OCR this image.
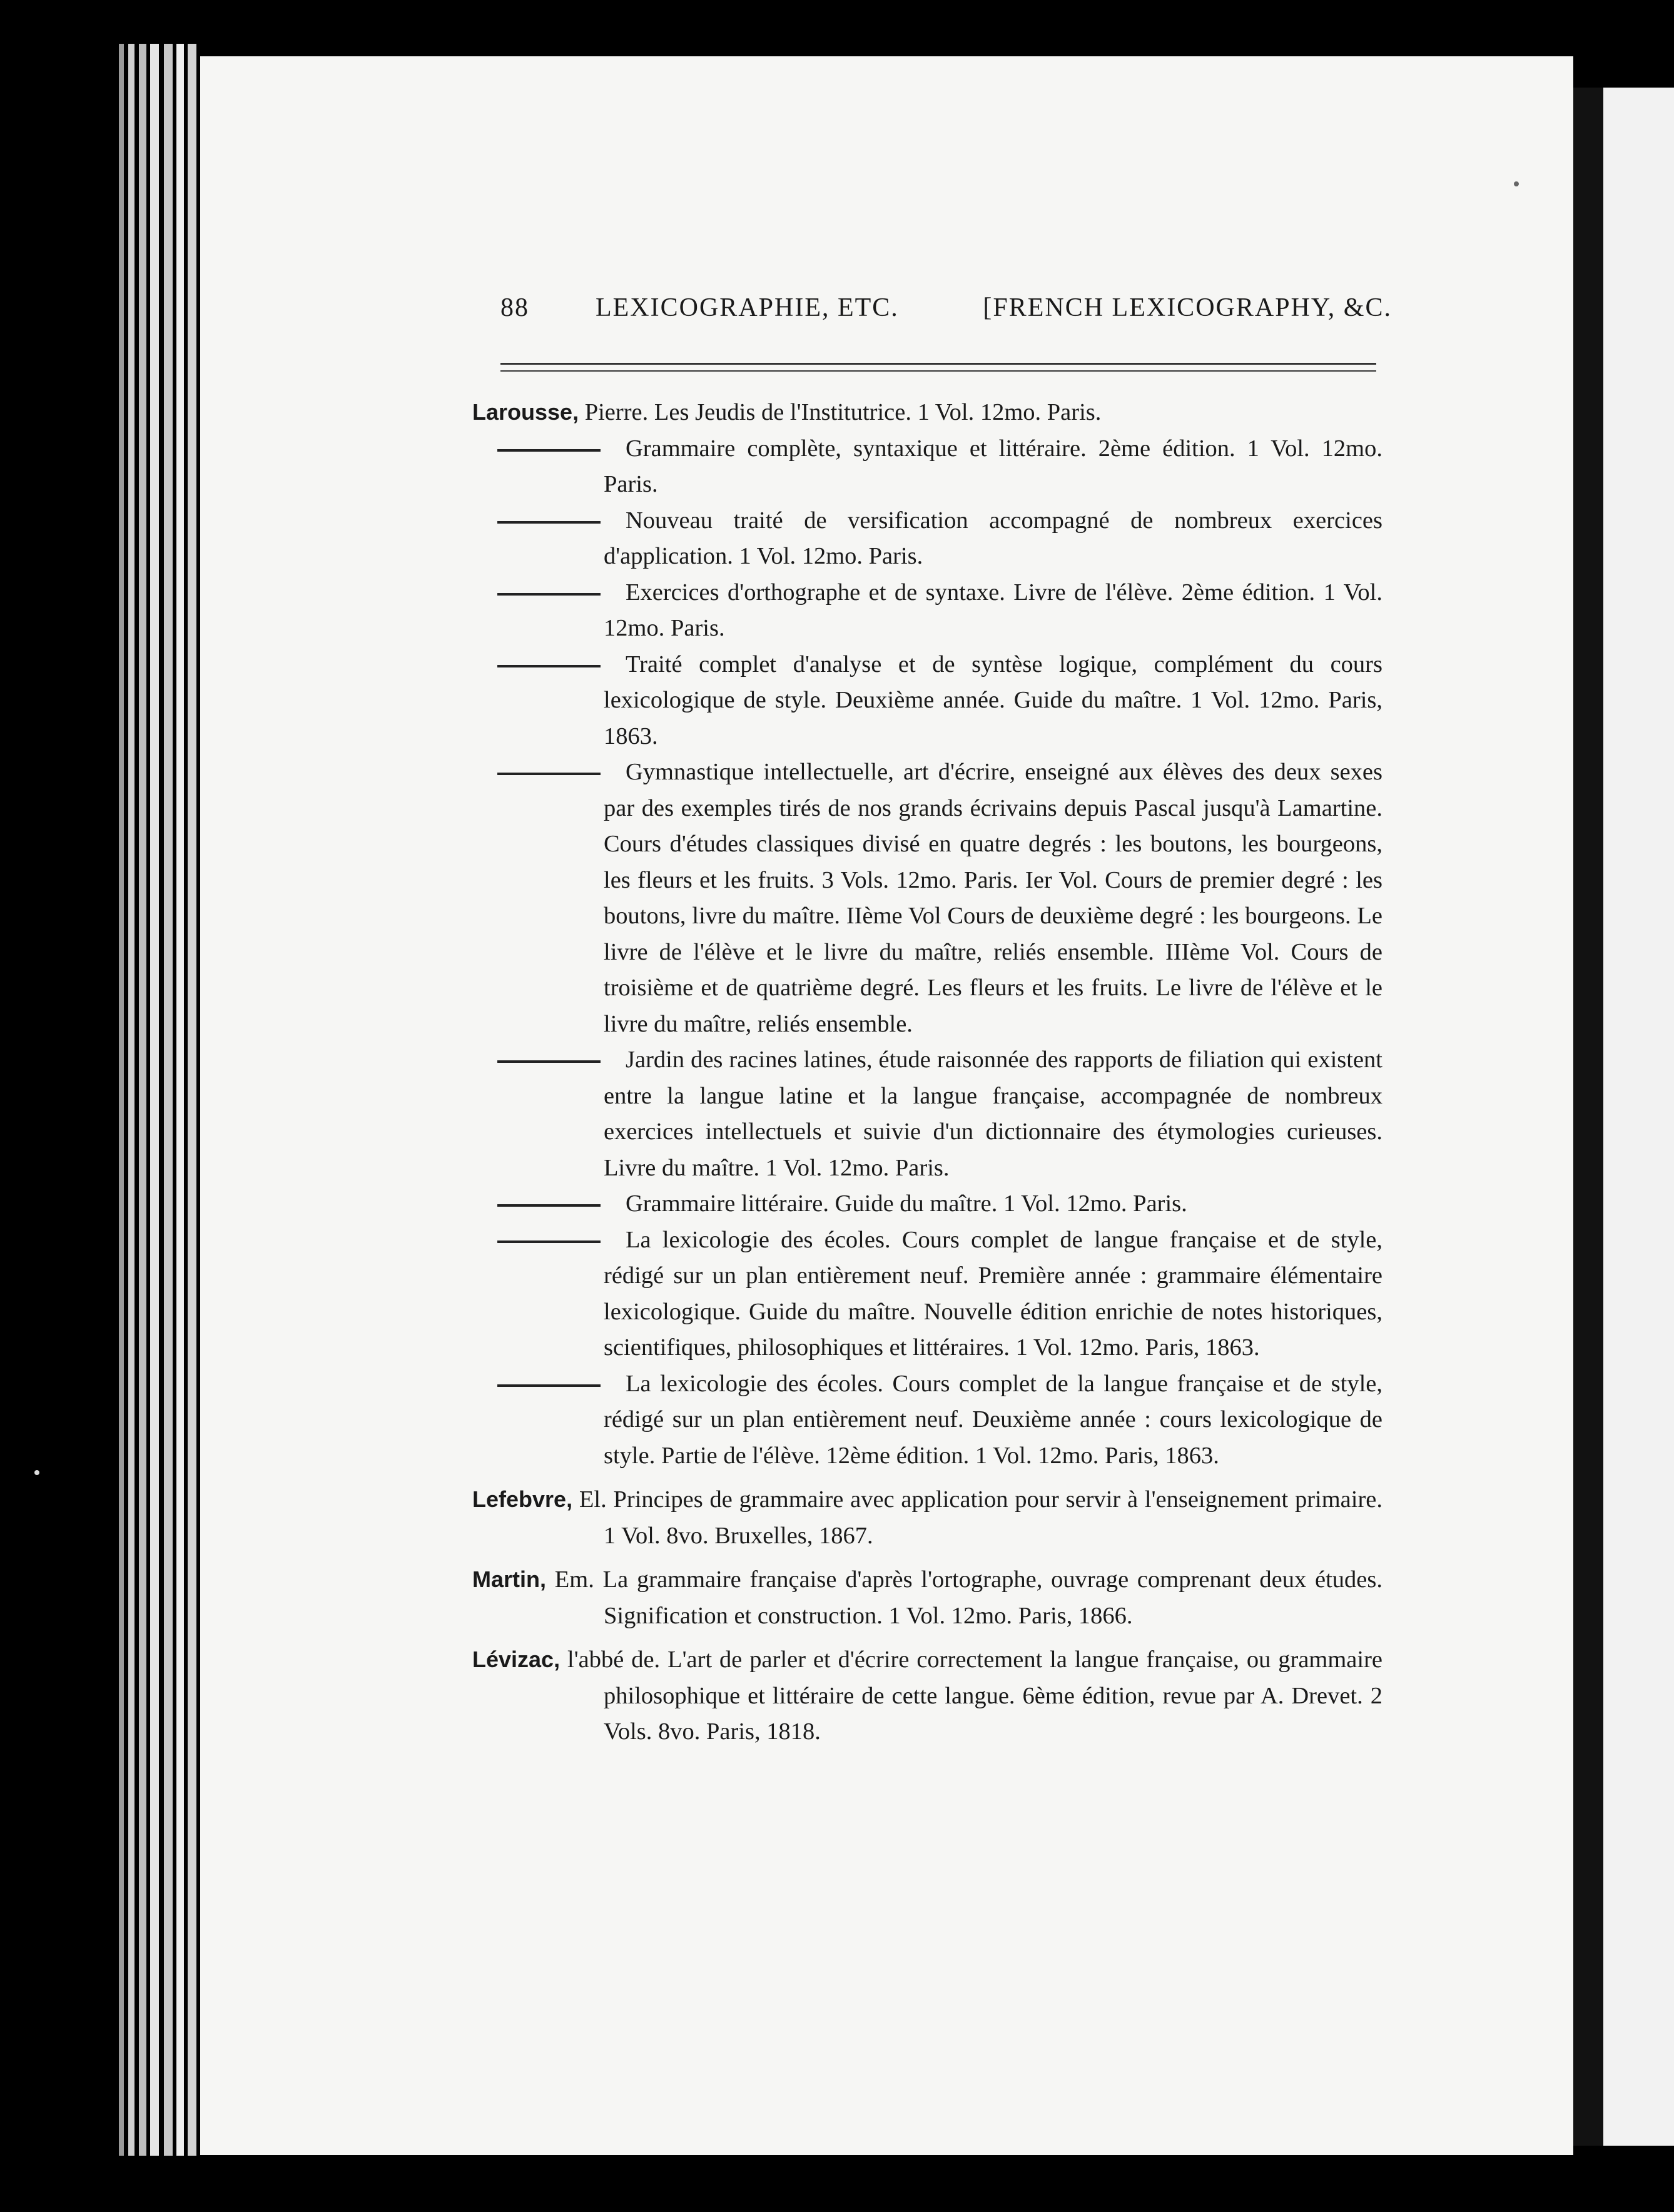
88	LEXICOGRAPHIE, ETC.	[FRENCH LEXICOGRAPHY, &C.
Larousse, Pierre. Les Jeudis de l'Institutrice. 1 Vol. 12mo. Paris.
Grammaire complète, syntaxique et littéraire. 2ème édition. 1 Vol. 12mo. Paris.
Nouveau traité de versification accompagné de nombreux exercices d'application. 1 Vol. 12mo. Paris.
Exercices d'orthographe et de syntaxe. Livre de l'élève. 2ème édition. 1 Vol. 12mo. Paris.
Traité complet d'analyse et de syntèse logique, complément du cours lexicologique de style. Deuxième année. Guide du maître. 1 Vol. 12mo. Paris, 1863.
Gymnastique intellectuelle, art d'écrire, enseigné aux élèves des deux sexes par des exemples tirés de nos grands écrivains depuis Pascal jusqu'à Lamartine. Cours d'études classiques divisé en quatre degrés : les boutons, les bourgeons, les fleurs et les fruits. 3 Vols. 12mo. Paris. Ier Vol. Cours de premier degré : les boutons, livre du maître. IIème Vol Cours de deuxième degré : les bourgeons. Le livre de l'élève et le livre du maître, reliés ensemble. IIIème Vol. Cours de troisième et de quatrième degré. Les fleurs et les fruits. Le livre de l'élève et le livre du maître, reliés ensemble.
Jardin des racines latines, étude raisonnée des rapports de filiation qui existent entre la langue latine et la langue française, accompagnée de nombreux exercices intellectuels et suivie d'un dictionnaire des étymologies curieuses. Livre du maître. 1 Vol. 12mo. Paris.
Grammaire littéraire. Guide du maître. 1 Vol. 12mo. Paris.
La lexicologie des écoles. Cours complet de langue française et de style, rédigé sur un plan entièrement neuf. Première année : grammaire élémentaire lexicologique. Guide du maître. Nouvelle édition enrichie de notes historiques, scientifiques, philosophiques et littéraires. 1 Vol. 12mo. Paris, 1863.
La lexicologie des écoles. Cours complet de la langue française et de style, rédigé sur un plan entièrement neuf. Deuxième année : cours lexicologique de style. Partie de l'élève. 12ème édition. 1 Vol. 12mo. Paris, 1863.
Lefebvre, El. Principes de grammaire avec application pour servir à l'enseignement primaire. 1 Vol. 8vo. Bruxelles, 1867.
Martin, Em. La grammaire française d'après l'ortographe, ouvrage comprenant deux études. Signification et construction. 1 Vol. 12mo. Paris, 1866.
Lévizac, l'abbé de. L'art de parler et d'écrire correctement la langue française, ou grammaire philosophique et littéraire de cette langue. 6ème édition, revue par A. Drevet. 2 Vols. 8vo. Paris, 1818.
